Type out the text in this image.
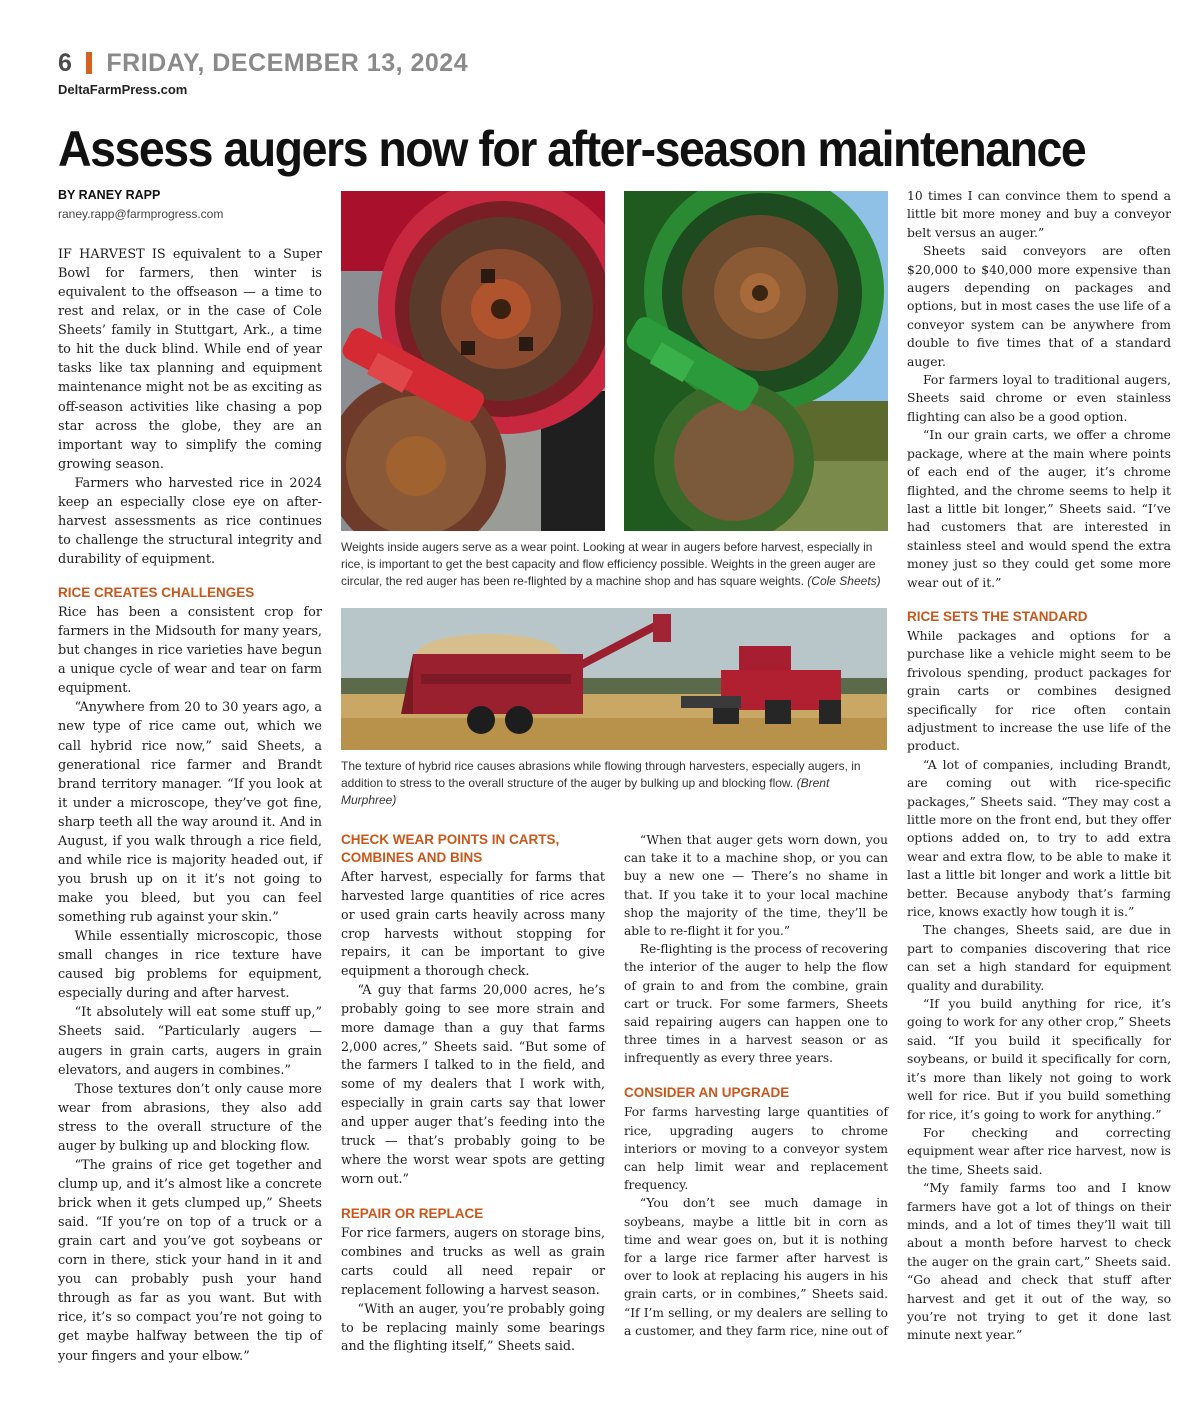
6 FRIDAY, DECEMBER 13, 2024
DeltaFarmPress.com
Assess augers now for after-season maintenance
BY RANEY RAPP
raney.rapp@farmprogress.com

IF HARVEST IS equivalent to a Super Bowl for farmers, then winter is equivalent to the offseason — a time to rest and relax, or in the case of Cole Sheets’ family in Stuttgart, Ark., a time to hit the duck blind. While end of year tasks like tax planning and equipment maintenance might not be as exciting as off-season activities like chasing a pop star across the globe, they are an important way to simplify the coming growing season.

Farmers who harvested rice in 2024 keep an especially close eye on after-harvest assessments as rice continues to challenge the structural integrity and durability of equipment.

RICE CREATES CHALLENGES

Rice has been a consistent crop for farmers in the Midsouth for many years, but changes in rice varieties have begun a unique cycle of wear and tear on farm equipment.

“Anywhere from 20 to 30 years ago, a new type of rice came out, which we call hybrid rice now,” said Sheets, a generational rice farmer and Brandt brand territory manager. “If you look at it under a microscope, they’ve got fine, sharp teeth all the way around it. And in August, if you walk through a rice field, and while rice is majority headed out, if you brush up on it it’s not going to make you bleed, but you can feel something rub against your skin.”

While essentially microscopic, those small changes in rice texture have caused big problems for equipment, especially during and after harvest.

“It absolutely will eat some stuff up,” Sheets said. “Particularly augers — augers in grain carts, augers in grain elevators, and augers in combines.”

Those textures don’t only cause more wear from abrasions, they also add stress to the overall structure of the auger by bulking up and blocking flow.

“The grains of rice get together and clump up, and it’s almost like a concrete brick when it gets clumped up,” Sheets said. “If you’re on top of a truck or a grain cart and you’ve got soybeans or corn in there, stick your hand in it and you can probably push your hand through as far as you want. But with rice, it’s so compact you’re not going to get maybe halfway between the tip of your fingers and your elbow.”

Weights inside augers serve as a wear point. Looking at wear in augers before harvest, especially in rice, is important to get the best capacity and flow efficiency possible. Weights in the green auger are circular, the red auger has been re-flighted by a machine shop and has square weights. (Cole Sheets)
The texture of hybrid rice causes abrasions while flowing through harvesters, especially augers, in addition to stress to the overall structure of the auger by bulking up and blocking flow. (Brent Murphree)
CHECK WEAR POINTS IN CARTS,
COMBINES AND BINS

After harvest, especially for farms that harvested large quantities of rice acres or used grain carts heavily across many crop harvests without stopping for repairs, it can be important to give equipment a thorough check.

“A guy that farms 20,000 acres, he’s probably going to see more strain and more damage than a guy that farms 2,000 acres,” Sheets said. “But some of the farmers I talked to in the field, and some of my dealers that I work with, especially in grain carts say that lower and upper auger that’s feeding into the truck — that’s probably going to be where the worst wear spots are getting worn out.”

REPAIR OR REPLACE

For rice farmers, augers on storage bins, combines and trucks as well as grain carts could all need repair or replacement following a harvest season.

“With an auger, you’re probably going to be replacing mainly some bearings and the flighting itself,” Sheets said.

“When that auger gets worn down, you can take it to a machine shop, or you can buy a new one — There’s no shame in that. If you take it to your local machine shop the majority of the time, they’ll be able to re-flight it for you.”

Re-flighting is the process of recovering the interior of the auger to help the flow of grain to and from the combine, grain cart or truck. For some farmers, Sheets said repairing augers can happen one to three times in a harvest season or as infrequently as every three years.

CONSIDER AN UPGRADE

For farms harvesting large quantities of rice, upgrading augers to chrome interiors or moving to a conveyor system can help limit wear and replacement frequency.

“You don’t see much damage in soybeans, maybe a little bit in corn as time and wear goes on, but it is nothing for a large rice farmer after harvest is over to look at replacing his augers in his grain carts, or in combines,” Sheets said. “If I’m selling, or my dealers are selling to a customer, and they farm rice, nine out of

10 times I can convince them to spend a little bit more money and buy a conveyor belt versus an auger.”

Sheets said conveyors are often $20,000 to $40,000 more expensive than augers depending on packages and options, but in most cases the use life of a conveyor system can be anywhere from double to five times that of a standard auger.

For farmers loyal to traditional augers, Sheets said chrome or even stainless flighting can also be a good option.

“In our grain carts, we offer a chrome package, where at the main where points of each end of the auger, it’s chrome flighted, and the chrome seems to help it last a little bit longer,” Sheets said. “I’ve had customers that are interested in stainless steel and would spend the extra money just so they could get some more wear out of it.”

RICE SETS THE STANDARD

While packages and options for a purchase like a vehicle might seem to be frivolous spending, product packages for grain carts or combines designed specifically for rice often contain adjustment to increase the use life of the product.

“A lot of companies, including Brandt, are coming out with rice-specific packages,” Sheets said. “They may cost a little more on the front end, but they offer options added on, to try to add extra wear and extra flow, to be able to make it last a little bit longer and work a little bit better. Because anybody that’s farming rice, knows exactly how tough it is.”

The changes, Sheets said, are due in part to companies discovering that rice can set a high standard for equipment quality and durability.

“If you build anything for rice, it’s going to work for any other crop,” Sheets said. “If you build it specifically for soybeans, or build it specifically for corn, it’s more than likely not going to work well for rice. But if you build something for rice, it’s going to work for anything.”

For checking and correcting equipment wear after rice harvest, now is the time, Sheets said.

“My family farms too and I know farmers have got a lot of things on their minds, and a lot of times they’ll wait till about a month before harvest to check the auger on the grain cart,” Sheets said. “Go ahead and check that stuff after harvest and get it out of the way, so you’re not trying to get it done last minute next year.”
